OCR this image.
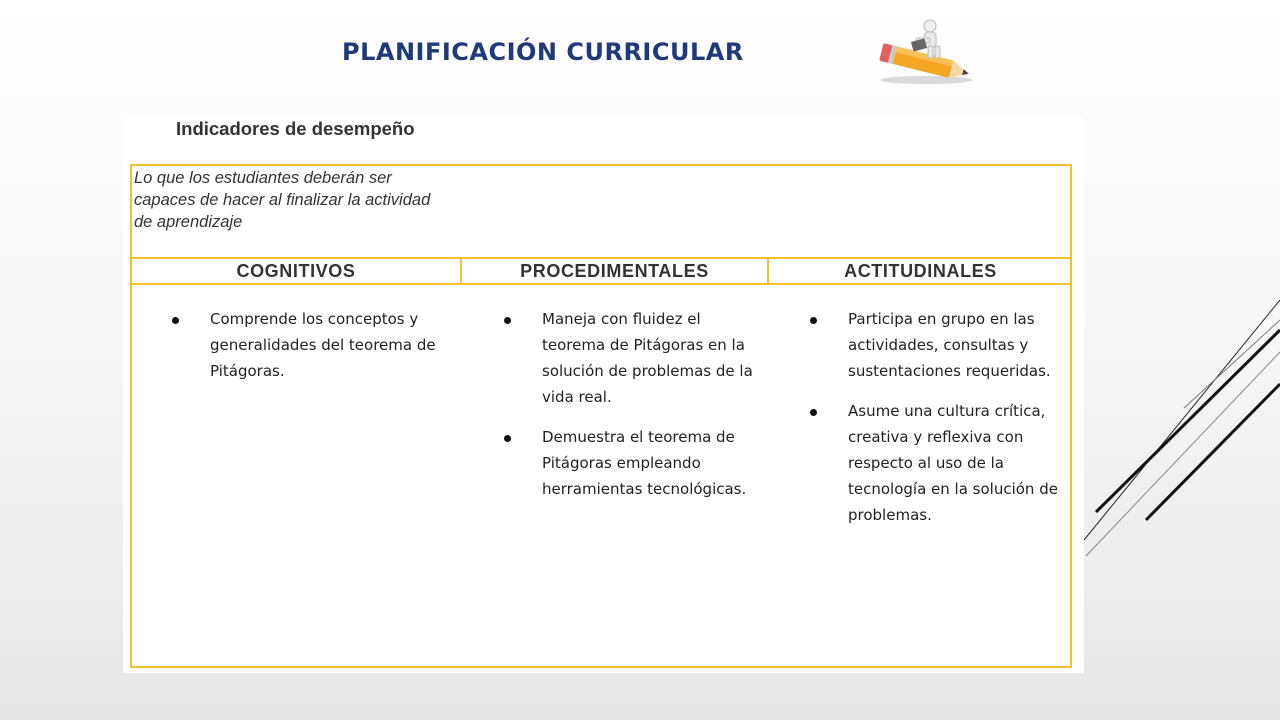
PLANIFICACIÓN CURRICULAR
Indicadores de desempeño
Lo que los estudiantes deberán ser capaces de hacer al finalizar la actividad de aprendizaje
COGNITIVOS	PROCEDIMENTALES	ACTITUDINALES
Comprende los conceptos y generalidades del teorema de Pitágoras.
Maneja con fluidez el teorema de Pitágoras en la solución de problemas de la vida real.
Demuestra el teorema de Pitágoras empleando herramientas tecnológicas.
Participa en grupo en las actividades, consultas y sustentaciones requeridas.
Asume una cultura crítica, creativa y reflexiva con respecto al uso de la tecnología en la solución de problemas.
